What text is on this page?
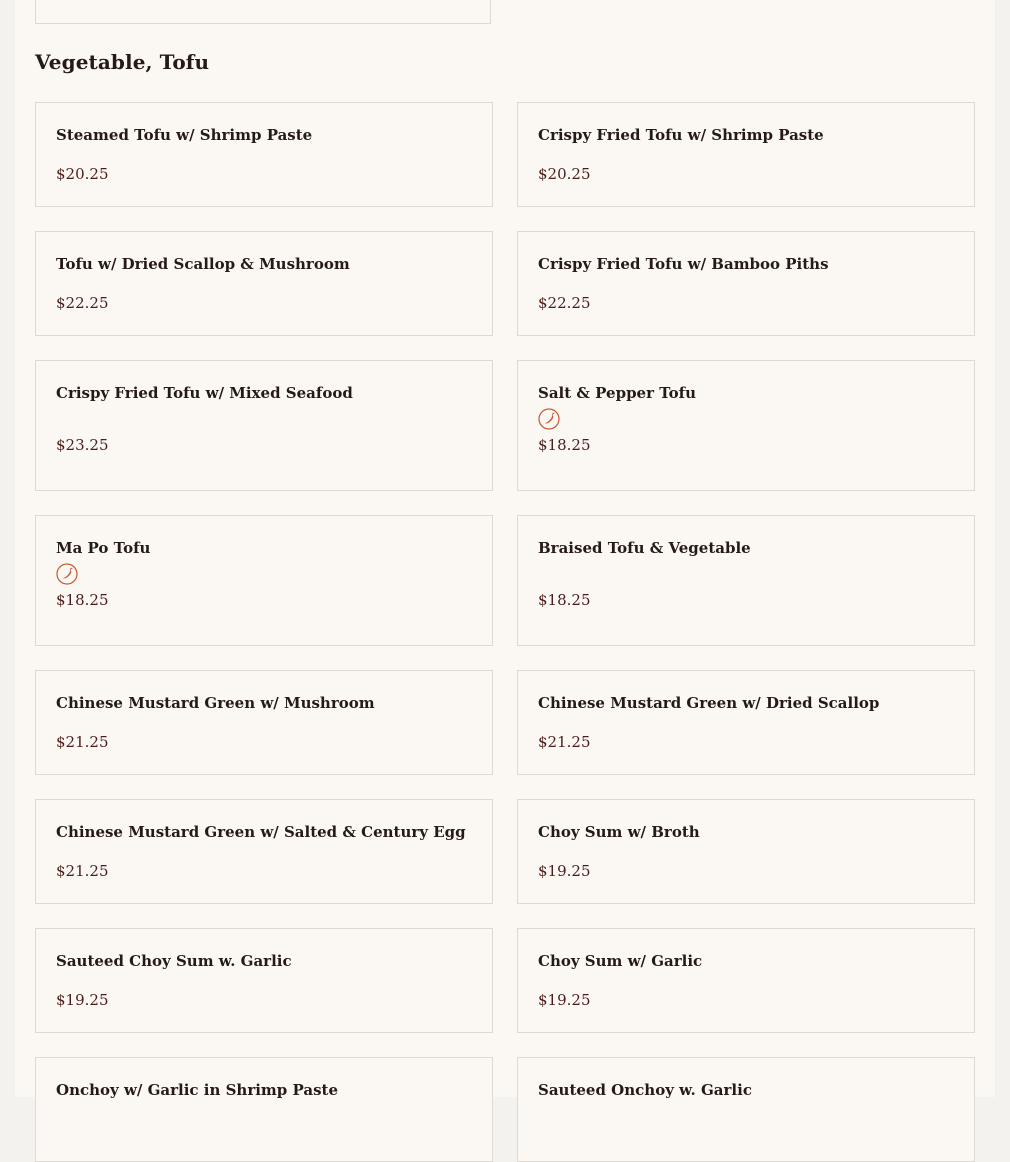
Vegetable, Tofu
Steamed Tofu w/ Shrimp Paste
$20.25
Crispy Fried Tofu w/ Shrimp Paste
$20.25
Tofu w/ Dried Scallop & Mushroom
$22.25
Crispy Fried Tofu w/ Bamboo Piths
$22.25
Crispy Fried Tofu w/ Mixed Seafood
$23.25
Salt & Pepper Tofu
$18.25
Ma Po Tofu
$18.25
Braised Tofu & Vegetable
$18.25
Chinese Mustard Green w/ Mushroom
$21.25
Chinese Mustard Green w/ Dried Scallop
$21.25
Chinese Mustard Green w/ Salted & Century Egg
$21.25
Choy Sum w/ Broth
$19.25
Sauteed Choy Sum w. Garlic
$19.25
Choy Sum w/ Garlic
$19.25
Onchoy w/ Garlic in Shrimp Paste	Sauteed Onchoy w. Garlic
